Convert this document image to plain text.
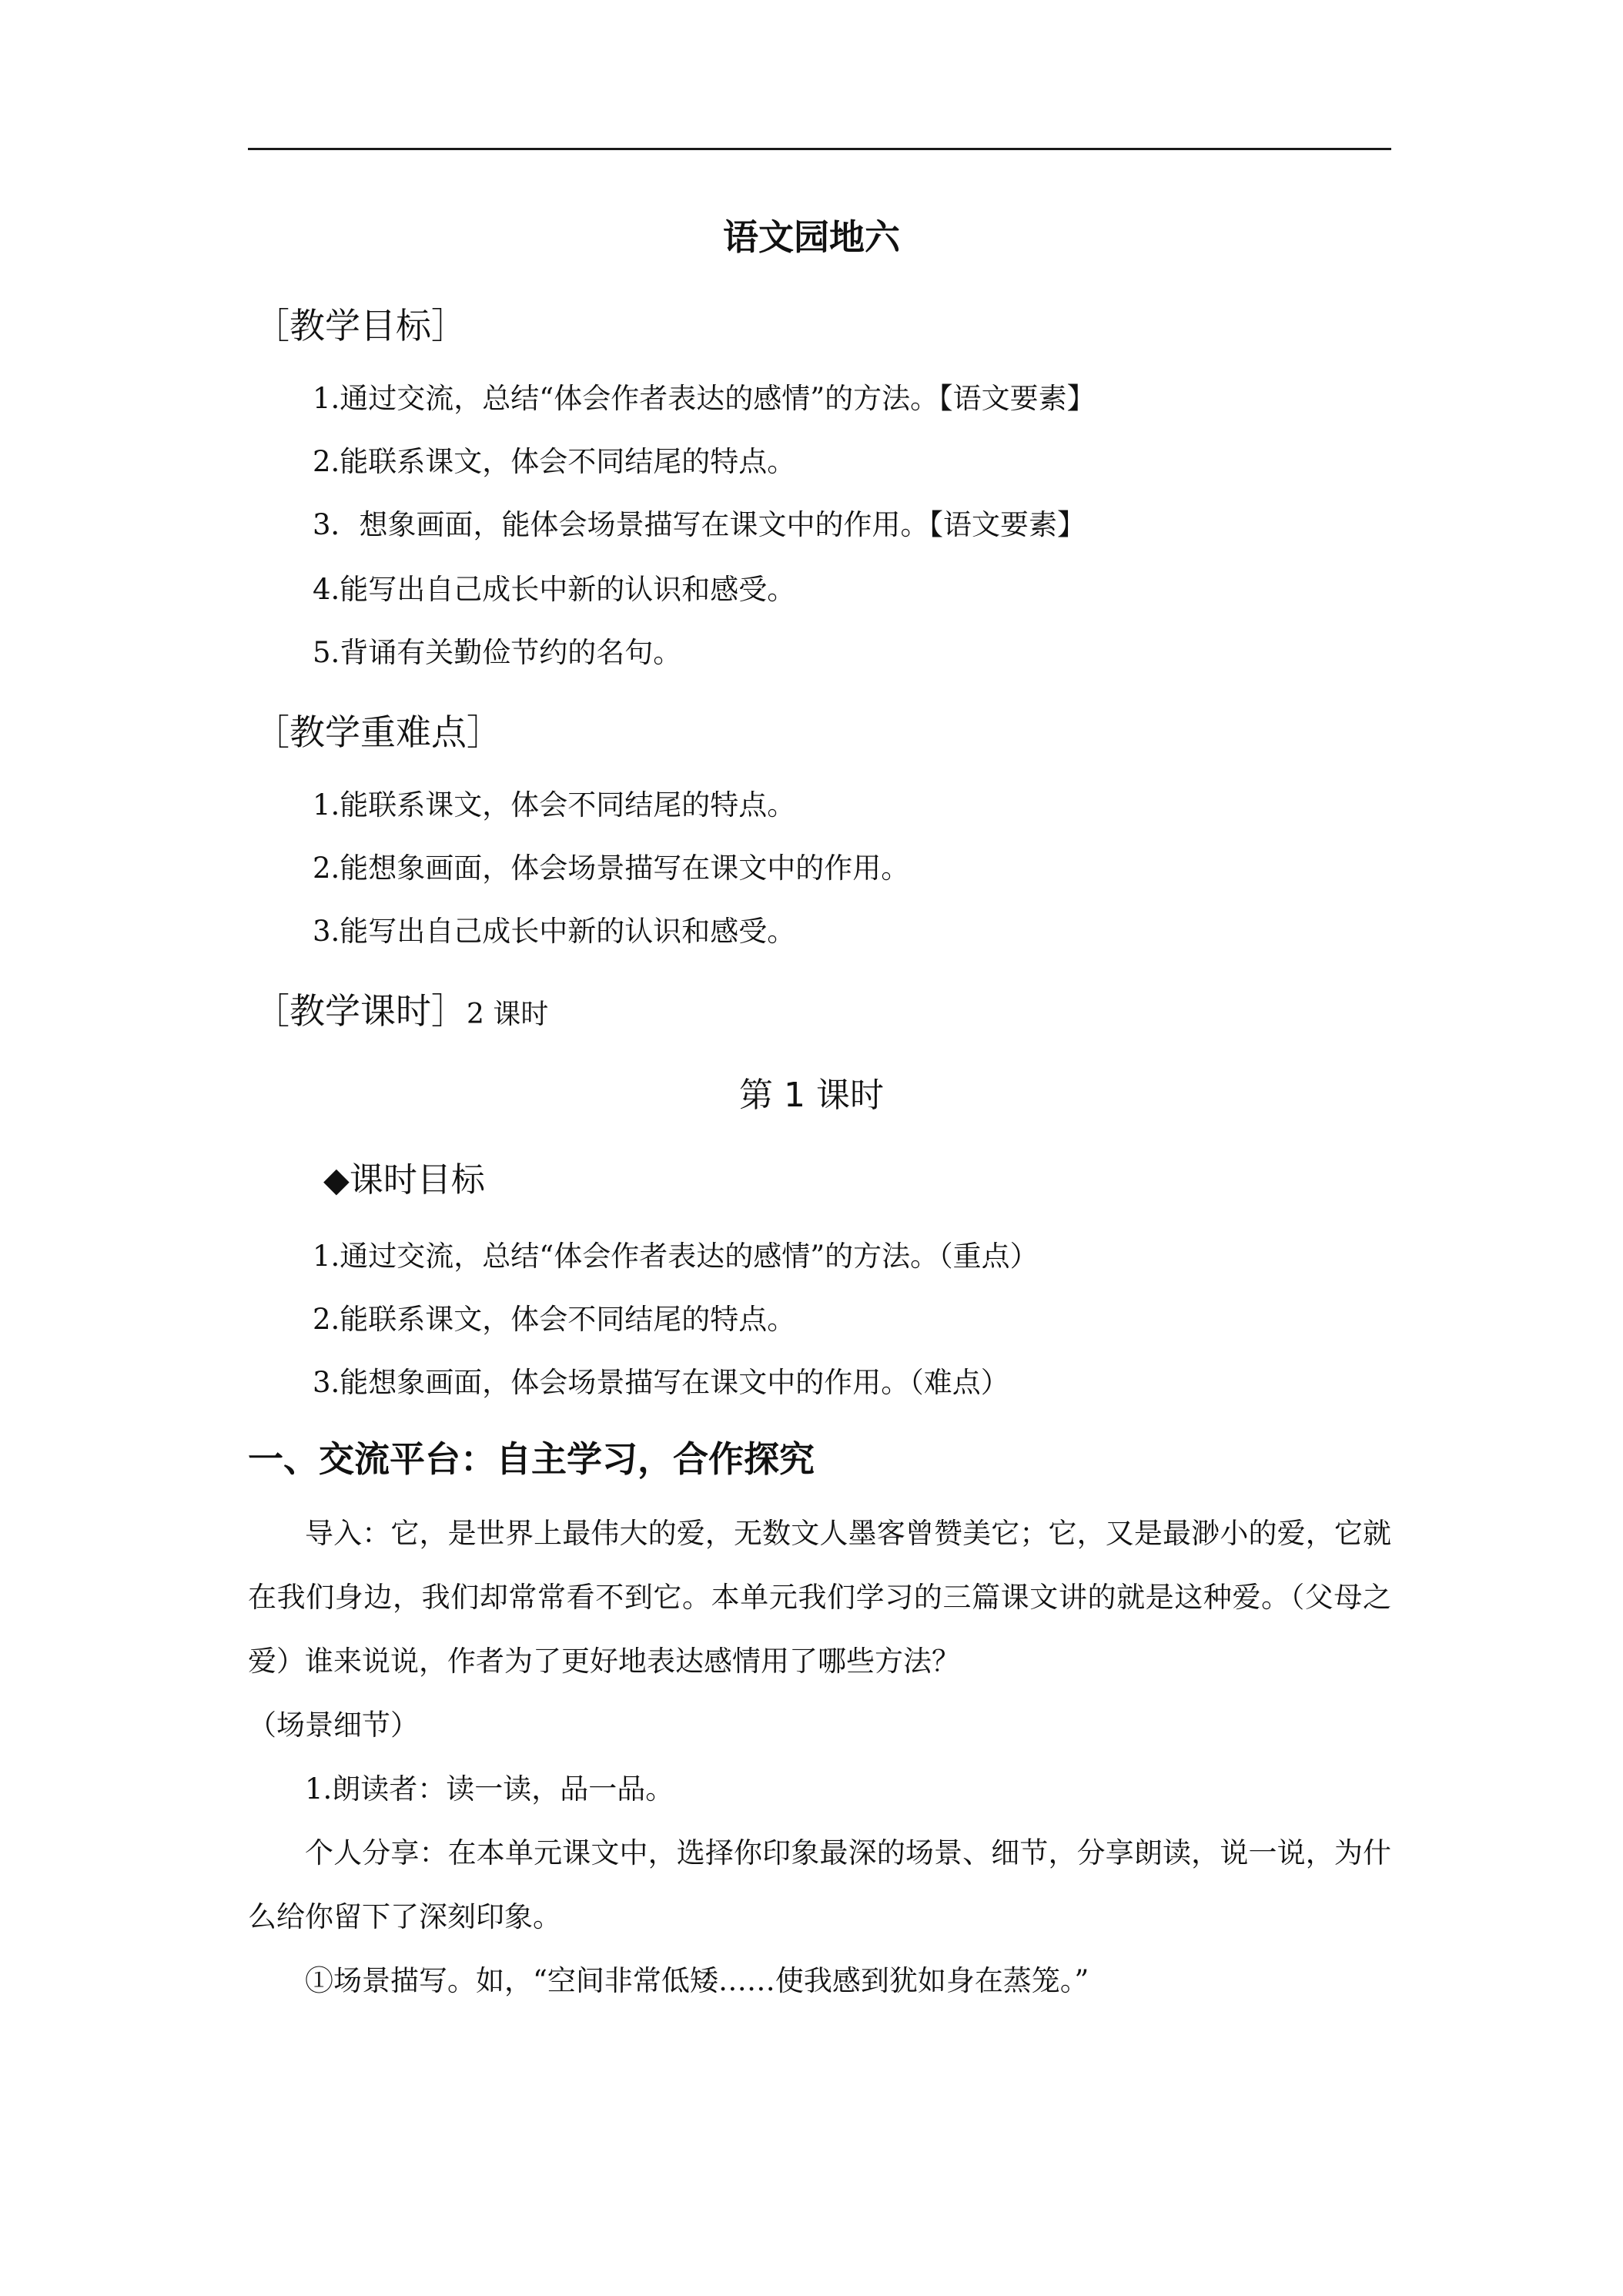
语文园地六
［教学目标］
1.通过交流，总结“体会作者表达的感情”的方法。【语文要素】
2.能联系课文，体会不同结尾的特点。
3．想象画面，能体会场景描写在课文中的作用。【语文要素】
4.能写出自己成长中新的认识和感受。
5.背诵有关勤俭节约的名句。
［教学重难点］
1.能联系课文，体会不同结尾的特点。
2.能想象画面，体会场景描写在课文中的作用。
3.能写出自己成长中新的认识和感受。
［教学课时］2 课时
第 1 课时
◆课时目标
1.通过交流，总结“体会作者表达的感情”的方法。（重点）
2.能联系课文，体会不同结尾的特点。
3.能想象画面，体会场景描写在课文中的作用。（难点）
一、交流平台：自主学习，合作探究

导入：它，是世界上最伟大的爱，无数文人墨客曾赞美它；它，又是最渺小的爱，它就在我们身边，我们却常常看不到它。本单元我们学习的三篇课文讲的就是这种爱。（父母之爱）谁来说说，作者为了更好地表达感情用了哪些方法？

（场景细节）

1.朗读者：读一读，品一品。

个人分享：在本单元课文中，选择你印象最深的场景、细节，分享朗读，说一说，为什么给你留下了深刻印象。

①场景描写。如，“空间非常低矮……使我感到犹如身在蒸笼。”
